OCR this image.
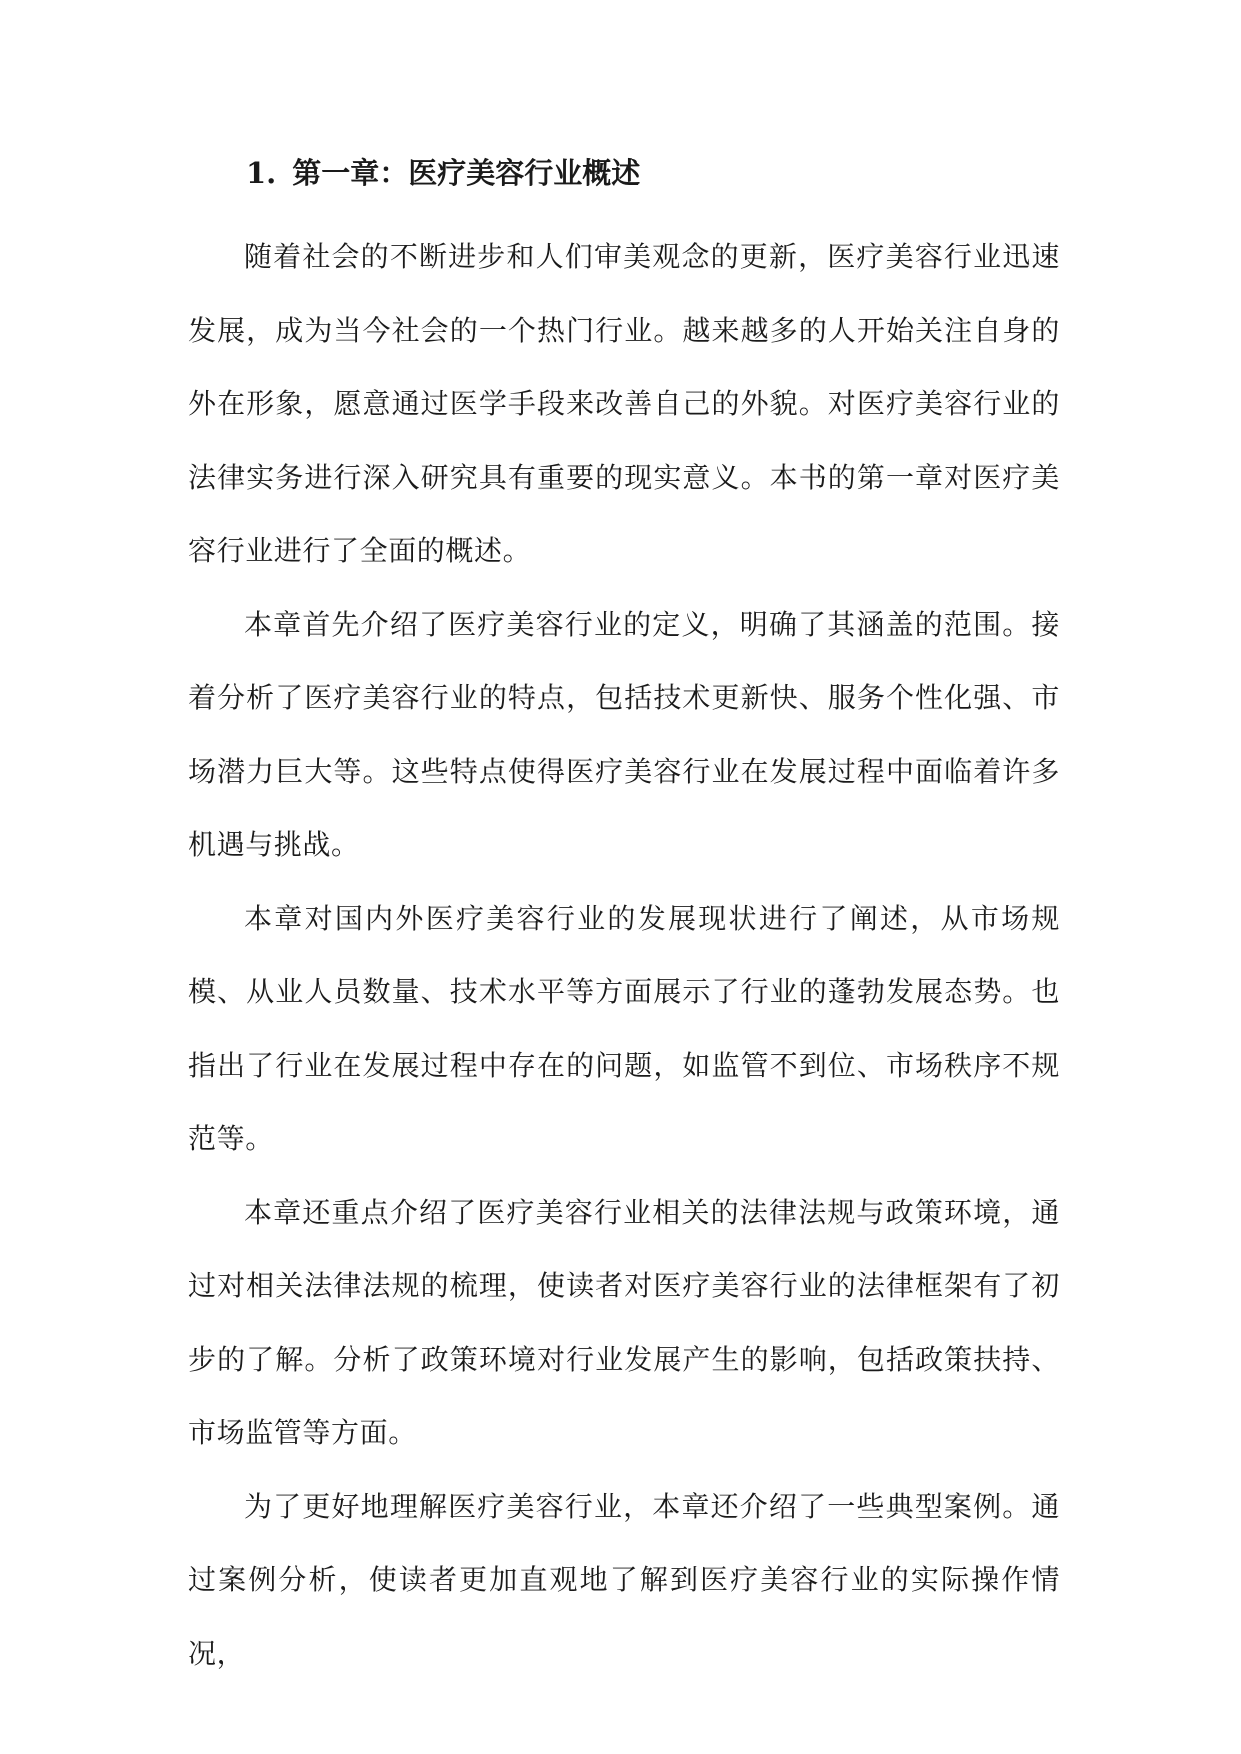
1. 第一章：医疗美容行业概述

随着社会的不断进步和人们审美观念的更新，医疗美容行业迅速发展，成为当今社会的一个热门行业。越来越多的人开始关注自身的外在形象，愿意通过医学手段来改善自己的外貌。对医疗美容行业的法律实务进行深入研究具有重要的现实意义。本书的第一章对医疗美容行业进行了全面的概述。

本章首先介绍了医疗美容行业的定义，明确了其涵盖的范围。接着分析了医疗美容行业的特点，包括技术更新快、服务个性化强、市场潜力巨大等。这些特点使得医疗美容行业在发展过程中面临着许多机遇与挑战。

本章对国内外医疗美容行业的发展现状进行了阐述，从市场规模、从业人员数量、技术水平等方面展示了行业的蓬勃发展态势。也指出了行业在发展过程中存在的问题，如监管不到位、市场秩序不规范等。

本章还重点介绍了医疗美容行业相关的法律法规与政策环境，通过对相关法律法规的梳理，使读者对医疗美容行业的法律框架有了初步的了解。分析了政策环境对行业发展产生的影响，包括政策扶持、市场监管等方面。

为了更好地理解医疗美容行业，本章还介绍了一些典型案例。通过案例分析，使读者更加直观地了解到医疗美容行业的实际操作情况，
